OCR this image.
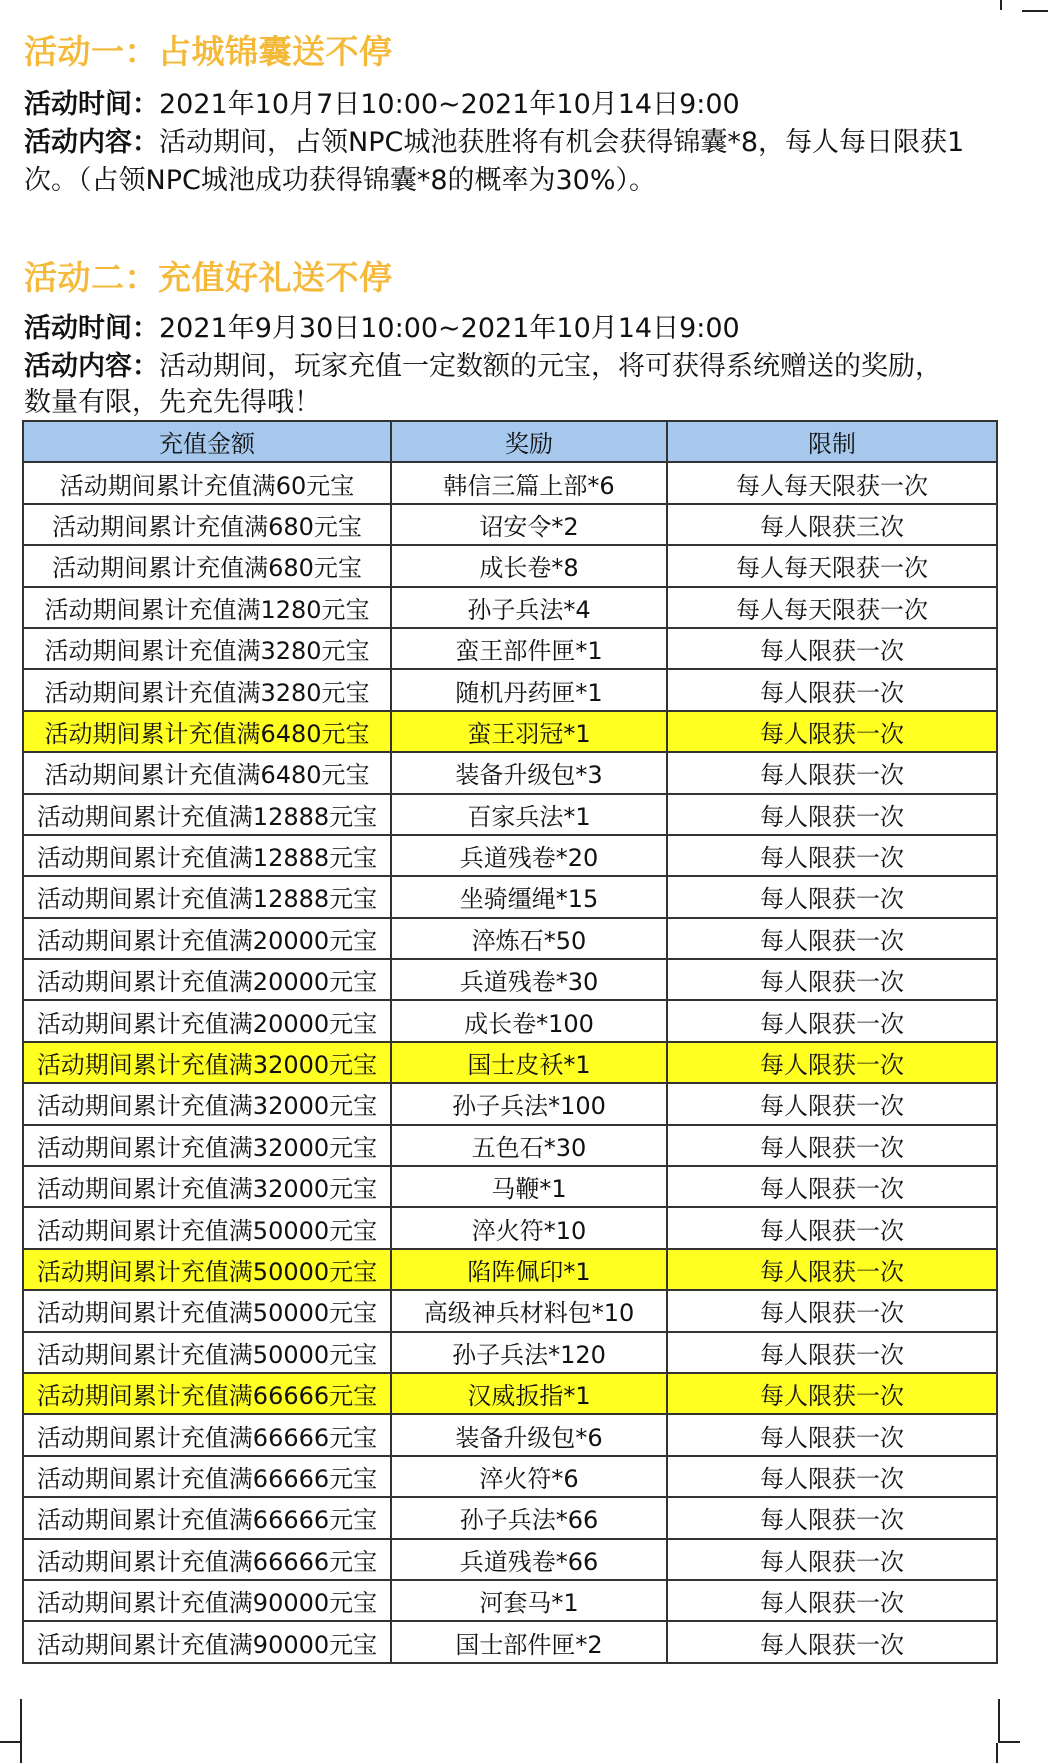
活动一：占城锦囊送不停
活动时间：2021年10月7日10:00~2021年10月14日9:00
活动内容：活动期间，占领NPC城池获胜将有机会获得锦囊*8，每人每日限获1
次。（占领NPC城池成功获得锦囊*8的概率为30%）。
活动二：充值好礼送不停
活动时间：2021年9月30日10:00~2021年10月14日9:00
活动内容：活动期间，玩家充值一定数额的元宝，将可获得系统赠送的奖励，
数量有限，先充先得哦！
充值金额	奖励	限制
活动期间累计充值满60元宝	韩信三篇上部*6	每人每天限获一次
活动期间累计充值满680元宝	诏安令*2	每人限获三次
活动期间累计充值满680元宝	成长卷*8	每人每天限获一次
活动期间累计充值满1280元宝	孙子兵法*4	每人每天限获一次
活动期间累计充值满3280元宝	蛮王部件匣*1	每人限获一次
活动期间累计充值满3280元宝	随机丹药匣*1	每人限获一次
活动期间累计充值满6480元宝	蛮王羽冠*1	每人限获一次
活动期间累计充值满6480元宝	装备升级包*3	每人限获一次
活动期间累计充值满12888元宝	百家兵法*1	每人限获一次
活动期间累计充值满12888元宝	兵道残卷*20	每人限获一次
活动期间累计充值满12888元宝	坐骑缰绳*15	每人限获一次
活动期间累计充值满20000元宝	淬炼石*50	每人限获一次
活动期间累计充值满20000元宝	兵道残卷*30	每人限获一次
活动期间累计充值满20000元宝	成长卷*100	每人限获一次
活动期间累计充值满32000元宝	国士皮袄*1	每人限获一次
活动期间累计充值满32000元宝	孙子兵法*100	每人限获一次
活动期间累计充值满32000元宝	五色石*30	每人限获一次
活动期间累计充值满32000元宝	马鞭*1	每人限获一次
活动期间累计充值满50000元宝	淬火符*10	每人限获一次
活动期间累计充值满50000元宝	陷阵佩印*1	每人限获一次
活动期间累计充值满50000元宝	高级神兵材料包*10	每人限获一次
活动期间累计充值满50000元宝	孙子兵法*120	每人限获一次
活动期间累计充值满66666元宝	汉威扳指*1	每人限获一次
活动期间累计充值满66666元宝	装备升级包*6	每人限获一次
活动期间累计充值满66666元宝	淬火符*6	每人限获一次
活动期间累计充值满66666元宝	孙子兵法*66	每人限获一次
活动期间累计充值满66666元宝	兵道残卷*66	每人限获一次
活动期间累计充值满90000元宝	河套马*1	每人限获一次
活动期间累计充值满90000元宝	国士部件匣*2	每人限获一次
